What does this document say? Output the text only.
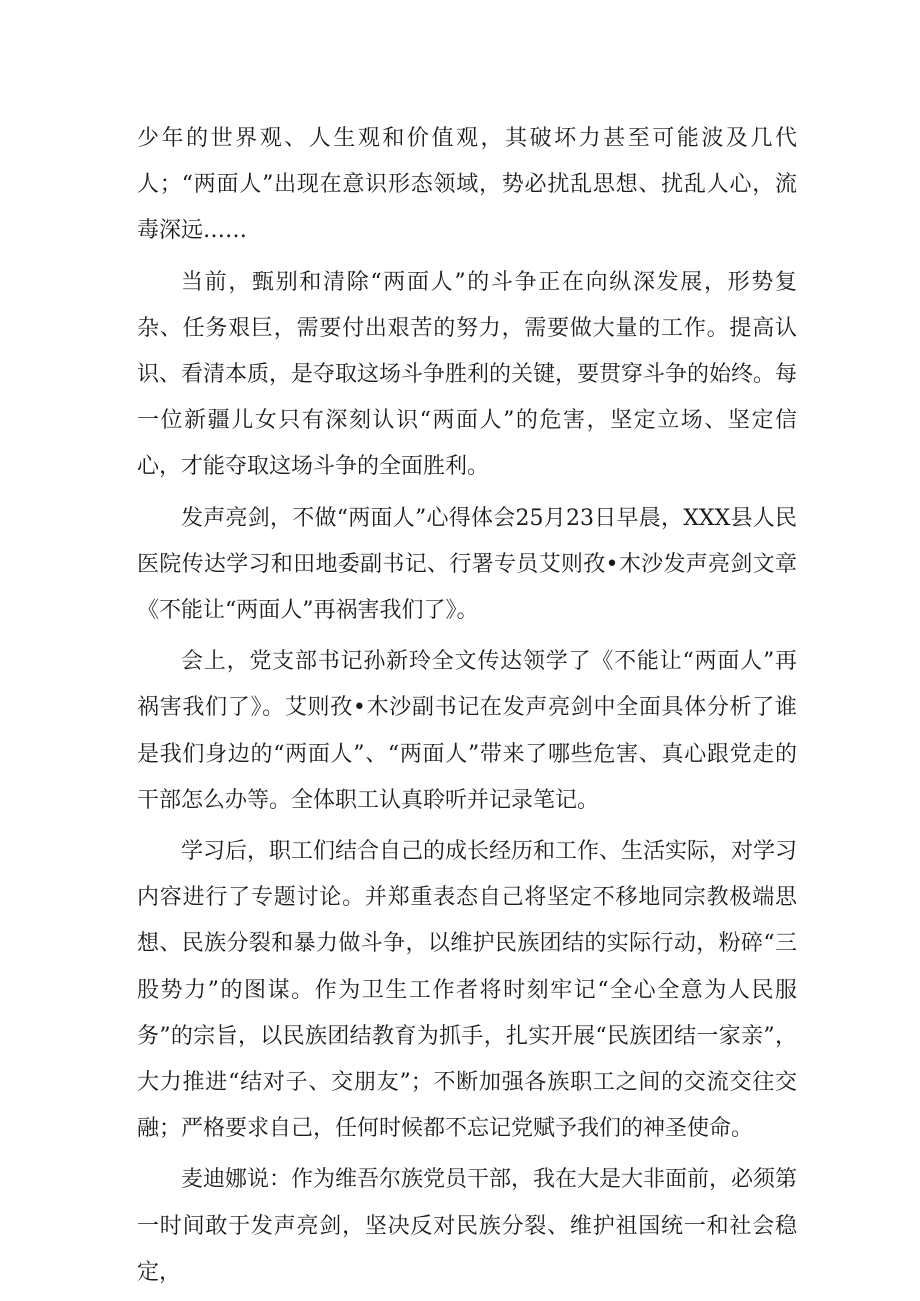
少年的世界观、人生观和价值观，其破坏力甚至可能波及几代人；“两面人”出现在意识形态领域，势必扰乱思想、扰乱人心，流毒深远……

当前，甄别和清除“两面人”的斗争正在向纵深发展，形势复杂、任务艰巨，需要付出艰苦的努力，需要做大量的工作。提高认识、看清本质，是夺取这场斗争胜利的关键，要贯穿斗争的始终。每一位新疆儿女只有深刻认识“两面人”的危害，坚定立场、坚定信心，才能夺取这场斗争的全面胜利。

发声亮剑，不做“两面人”心得体会25月23日早晨，XXX县人民医院传达学习和田地委副书记、行署专员艾则孜•木沙发声亮剑文章《不能让“两面人”再祸害我们了》。

会上，党支部书记孙新玲全文传达领学了《不能让“两面人”再祸害我们了》。艾则孜•木沙副书记在发声亮剑中全面具体分析了谁是我们身边的“两面人”、“两面人”带来了哪些危害、真心跟党走的干部怎么办等。全体职工认真聆听并记录笔记。

学习后，职工们结合自己的成长经历和工作、生活实际，对学习内容进行了专题讨论。并郑重表态自己将坚定不移地同宗教极端思想、民族分裂和暴力做斗争，以维护民族团结的实际行动，粉碎“三股势力”的图谋。作为卫生工作者将时刻牢记“全心全意为人民服务”的宗旨，以民族团结教育为抓手，扎实开展“民族团结一家亲”，大力推进“结对子、交朋友”；不断加强各族职工之间的交流交往交融；严格要求自己，任何时候都不忘记党赋予我们的神圣使命。

麦迪娜说：作为维吾尔族党员干部，我在大是大非面前，必须第一时间敢于发声亮剑，坚决反对民族分裂、维护祖国统一和社会稳定，
